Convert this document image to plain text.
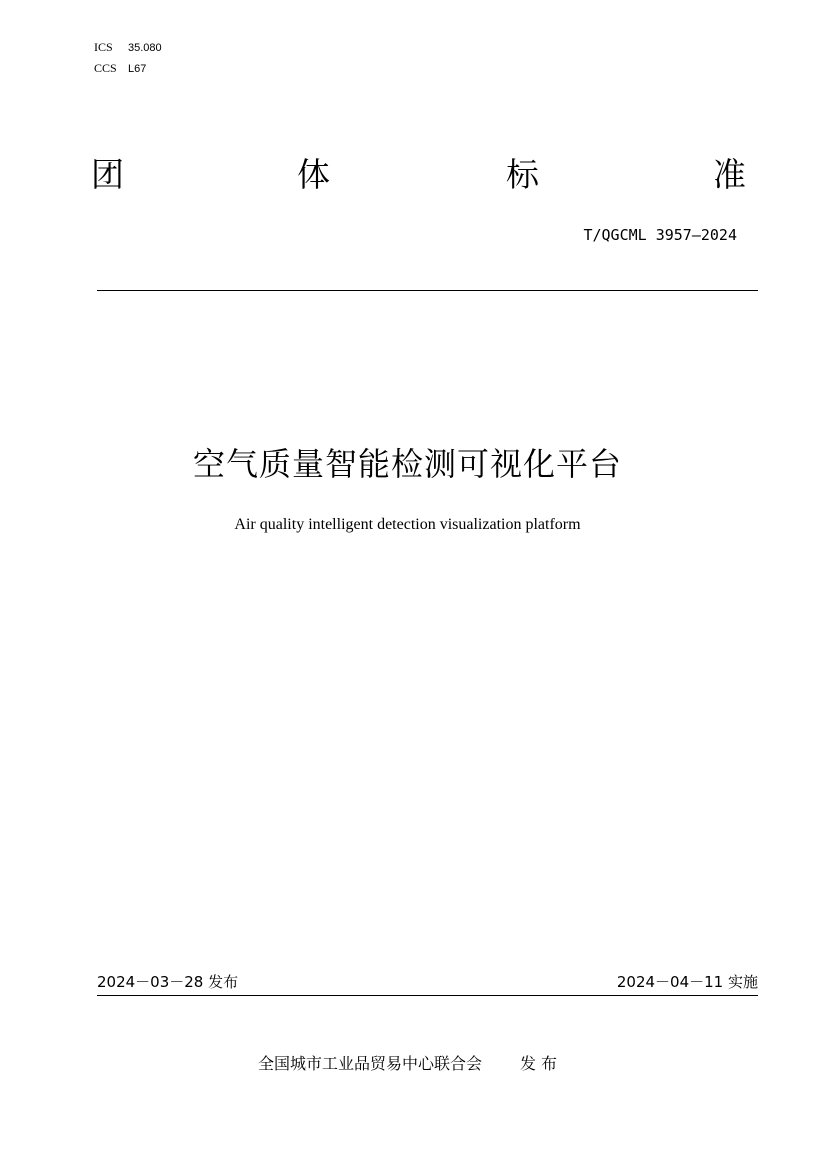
ICS 35.080
CCS L67
团	体	标	准
T/QGCML 3957—2024
空气质量智能检测可视化平台
Air quality intelligent detection visualization platform
2024－03－28 发布	2024－04－11 实施
全国城市工业品贸易中心联合会 发 布
